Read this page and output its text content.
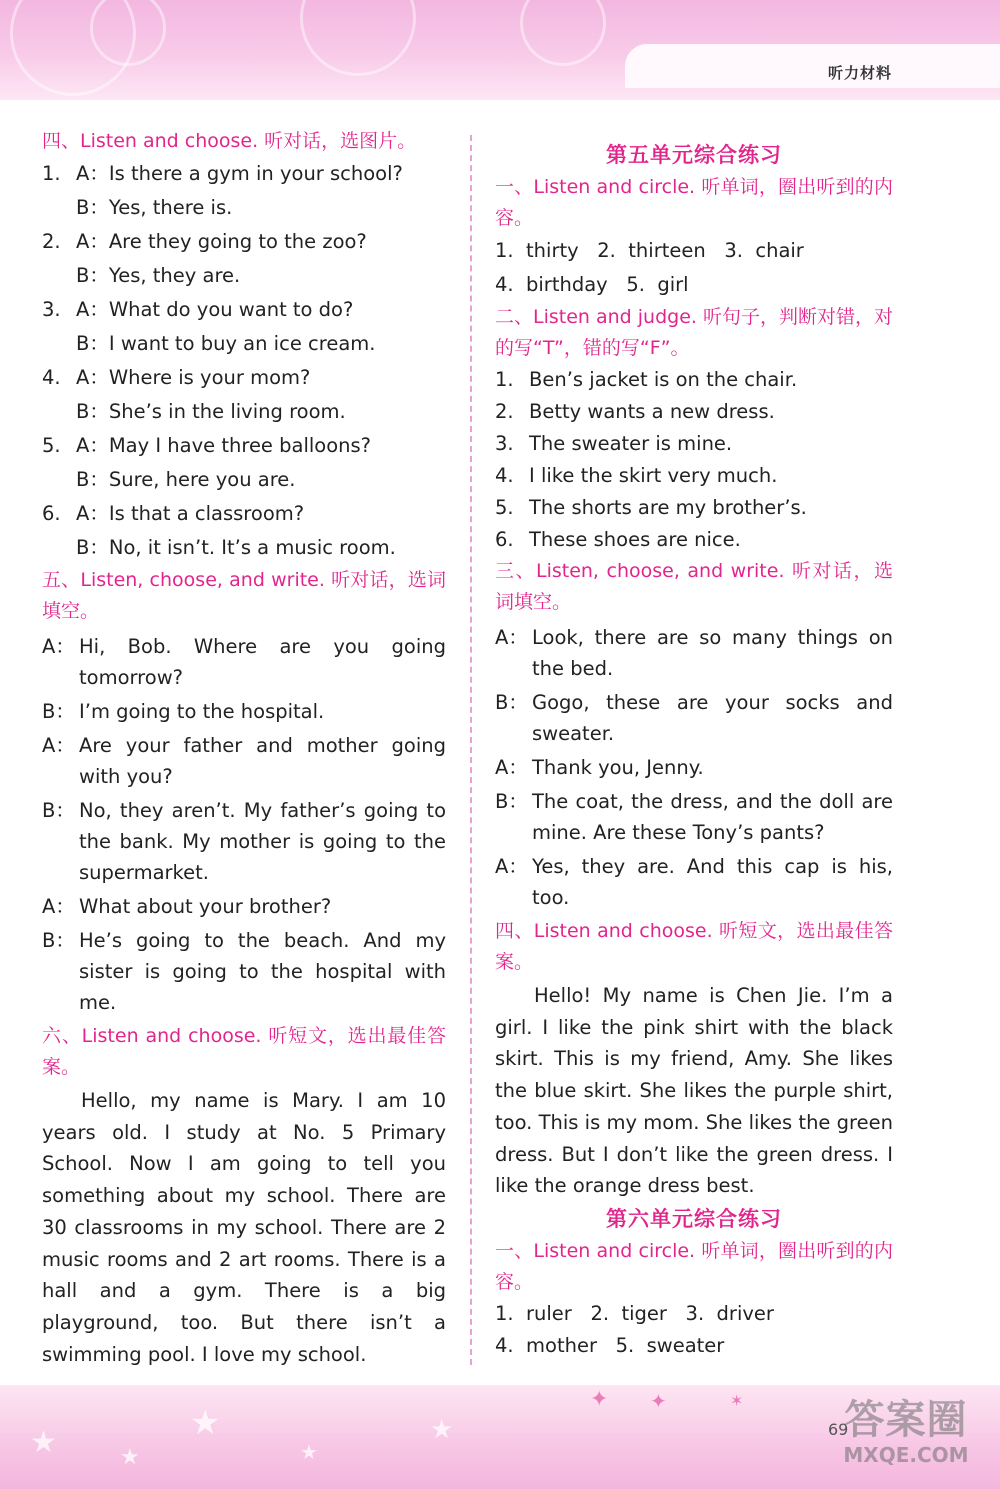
听力材料
四、Listen and choose. 听对话，选图片。
1. A：Is there a gym in your school?
B：Yes, there is.
2. A：Are they going to the zoo?
B：Yes, they are.
3. A：What do you want to do?
B：I want to buy an ice cream.
4. A：Where is your mom?
B：She’s in the living room.
5. A：May I have three balloons?
B：Sure, here you are.
6. A：Is that a classroom?
B：No, it isn’t. It’s a music room.
五、Listen, choose, and write. 听对话，选词填空。
A： Hi, Bob. Where are you going tomorrow?
B： I’m going to the hospital.
A： Are your father and mother going with you?
B： No, they aren’t. My father’s going to the bank. My mother is going to the supermarket.
A： What about your brother?
B： He’s going to the beach. And my sister is going to the hospital with me.
六、Listen and choose. 听短文，选出最佳答案。
Hello, my name is Mary. I am 10 years old. I study at No. 5 Primary School. Now I am going to tell you something about my school. There are 30 classrooms in my school. There are 2 music rooms and 2 art rooms. There is a hall and a gym. There is a big playground, too. But there isn’t a swimming pool. I love my school.
第五单元综合练习
一、Listen and circle. 听单词，圈出听到的内容。
1. thirty 2. thirteen 3. chair
4. birthday 5. girl
二、Listen and judge. 听句子，判断对错，对的写“T”，错的写“F”。
1. Ben’s jacket is on the chair.
2. Betty wants a new dress.
3. The sweater is mine.
4. I like the skirt very much.
5. The shorts are my brother’s.
6. These shoes are nice.
三、Listen, choose, and write. 听对话，选词填空。
A： Look, there are so many things on the bed.
B： Gogo, these are your socks and sweater.
A： Thank you, Jenny.
B： The coat, the dress, and the doll are mine. Are these Tony’s pants?
A： Yes, they are. And this cap is his, too.
四、Listen and choose. 听短文，选出最佳答案。
Hello! My name is Chen Jie. I’m a girl. I like the pink shirt with the black skirt. This is my friend, Amy. She likes the blue skirt. She likes the purple shirt, too. This is my mom. She likes the green dress. But I don’t like the green dress. I like the orange dress best.
第六单元综合练习
一、Listen and circle. 听单词，圈出听到的内容。
1. ruler 2. tiger 3. driver
4. mother 5. sweater
★	★
★
★
★
✦ ✦	✶
69
答案圈
MXQE.COM
